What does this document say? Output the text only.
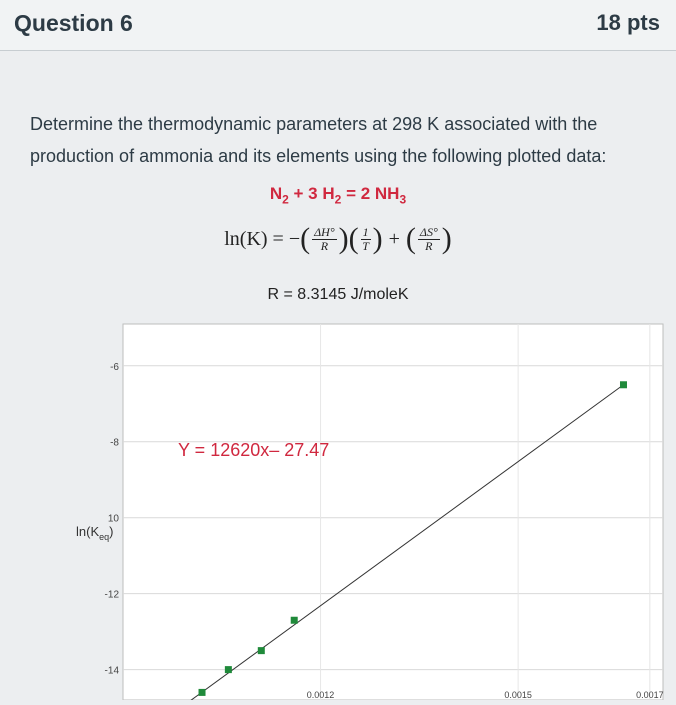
Question 6	18 pts
Determine the thermodynamic parameters at 298 K associated with the production of ammonia and its elements using the following plotted data:
$N_2 + 3$ $H_2 = 2$ $NH_3$
ln(K) = − ( $\frac{\Delta H^\circ}{R}$ ) ( $\frac{1}{T}$ ) + ( $\frac{\Delta S^\circ}{R}$ )
R = 8.3145 J/moleK
-6
-8
10
-12
-14
0.0012	0.0015	0.0017
Y = 12620x– 27.47
$\ln(K_{eq})$
